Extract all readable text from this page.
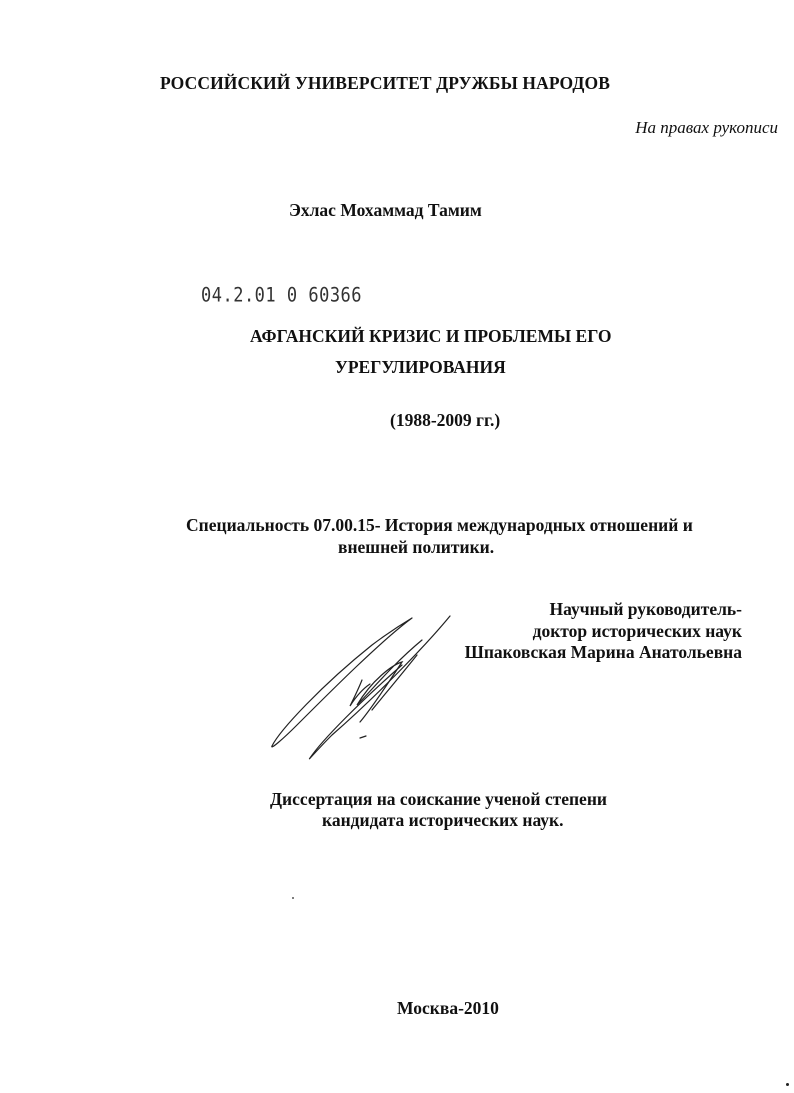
РОССИЙСКИЙ УНИВЕРСИТЕТ ДРУЖБЫ НАРОДОВ
На правах рукописи
Эхлас Мохаммад Тамим
04.2.01 0 60366
АФГАНСКИЙ КРИЗИС И ПРОБЛЕМЫ ЕГО
УРЕГУЛИРОВАНИЯ
(1988-2009 гг.)
Специальность 07.00.15- История международных отношений и
внешней политики.
Научный руководитель-
доктор исторических наук
Шпаковская Марина Анатольевна
Диссертация на соискание ученой степени
кандидата исторических наук.
Москва-2010
